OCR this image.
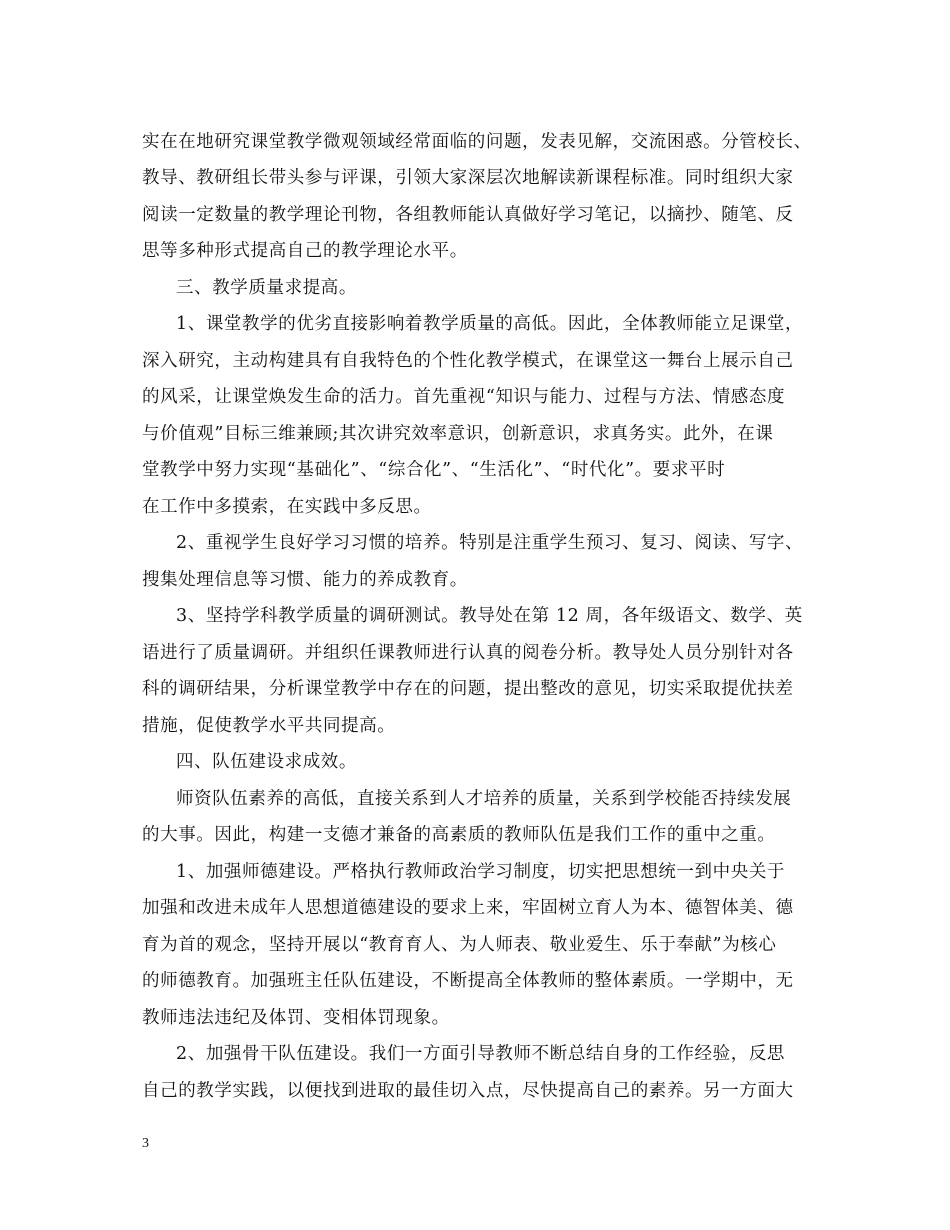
实在在地研究课堂教学微观领域经常面临的问题，发表见解，交流困惑。分管校长、
教导、教研组长带头参与评课，引领大家深层次地解读新课程标准。同时组织大家
阅读一定数量的教学理论刊物，各组教师能认真做好学习笔记，以摘抄、随笔、反
思等多种形式提高自己的教学理论水平。
三、教学质量求提高。
1、课堂教学的优劣直接影响着教学质量的高低。因此，全体教师能立足课堂，
深入研究，主动构建具有自我特色的个性化教学模式，在课堂这一舞台上展示自己
的风采，让课堂焕发生命的活力。首先重视“知识与能力、过程与方法、情感态度
与价值观”目标三维兼顾;其次讲究效率意识，创新意识，求真务实。此外，在课
堂教学中努力实现“基础化”、“综合化”、“生活化”、“时代化”。要求平时
在工作中多摸索，在实践中多反思。
2、重视学生良好学习习惯的培养。特别是注重学生预习、复习、阅读、写字、
搜集处理信息等习惯、能力的养成教育。
3、坚持学科教学质量的调研测试。教导处在第 12 周，各年级语文、数学、英
语进行了质量调研。并组织任课教师进行认真的阅卷分析。教导处人员分别针对各
科的调研结果，分析课堂教学中存在的问题，提出整改的意见，切实采取提优扶差
措施，促使教学水平共同提高。
四、队伍建设求成效。
师资队伍素养的高低，直接关系到人才培养的质量，关系到学校能否持续发展
的大事。因此，构建一支德才兼备的高素质的教师队伍是我们工作的重中之重。
1、加强师德建设。严格执行教师政治学习制度，切实把思想统一到中央关于
加强和改进未成年人思想道德建设的要求上来，牢固树立育人为本、德智体美、德
育为首的观念，坚持开展以“教育育人、为人师表、敬业爱生、乐于奉献”为核心
的师德教育。加强班主任队伍建设，不断提高全体教师的整体素质。一学期中，无
教师违法违纪及体罚、变相体罚现象。
2、加强骨干队伍建设。我们一方面引导教师不断总结自身的工作经验，反思
自己的教学实践，以便找到进取的最佳切入点，尽快提高自己的素养。另一方面大
3
